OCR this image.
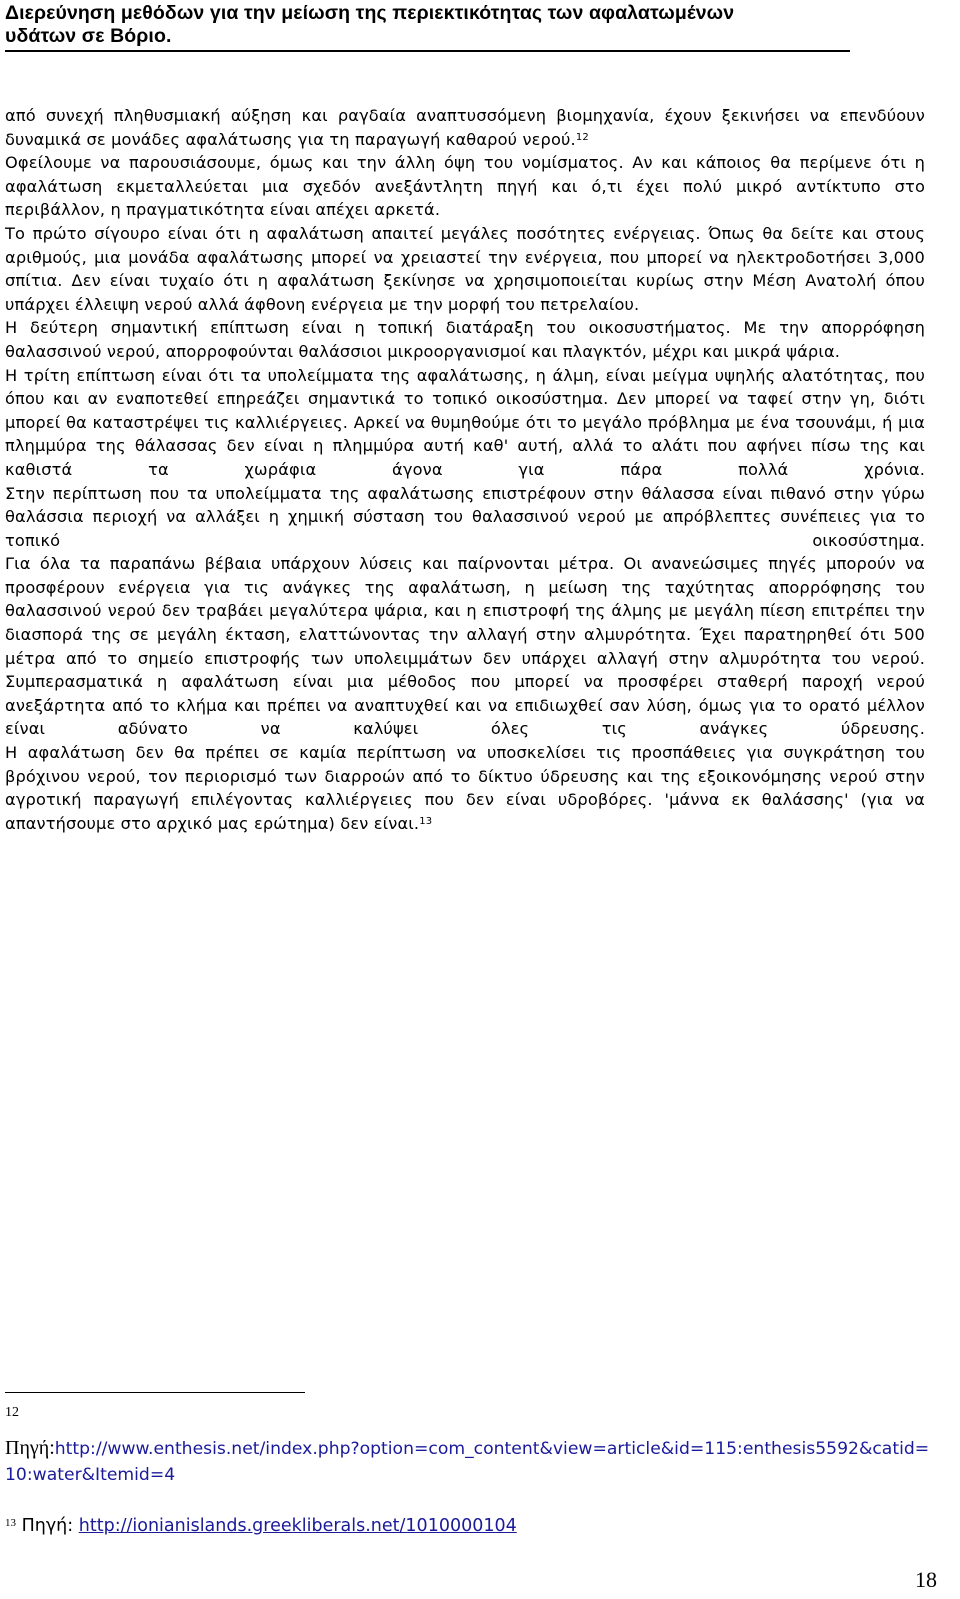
Διερεύνηση μεθόδων για την μείωση της περιεκτικότητας των αφαλατωμένων
υδάτων σε Βόριο.

από συνεχή πληθυσμιακή αύξηση και ραγδαία αναπτυσσόμενη βιομηχανία, έχουν ξεκινήσει να επενδύουν δυναμικά σε μονάδες αφαλάτωσης για τη παραγωγή καθαρού νερού.$^{12}$

Οφείλουμε να παρουσιάσουμε, όμως και την άλλη όψη του νομίσματος. Αν και κάποιος θα περίμενε ότι η αφαλάτωση εκμεταλλεύεται μια σχεδόν ανεξάντλητη πηγή και ό,τι έχει πολύ μικρό αντίκτυπο στο περιβάλλον, η πραγματικότητα είναι απέχει αρκετά.

Το πρώτο σίγουρο είναι ότι η αφαλάτωση απαιτεί μεγάλες ποσότητες ενέργειας. Όπως θα δείτε και στους αριθμούς, μια μονάδα αφαλάτωσης μπορεί να χρειαστεί την ενέργεια, που μπορεί να ηλεκτροδοτήσει 3,000 σπίτια. Δεν είναι τυχαίο ότι η αφαλάτωση ξεκίνησε να χρησιμοποιείται κυρίως στην Μέση Ανατολή όπου υπάρχει έλλειψη νερού αλλά άφθονη ενέργεια με την μορφή του πετρελαίου.

Η δεύτερη σημαντική επίπτωση είναι η τοπική διατάραξη του οικοσυστήματος. Με την απορρόφηση θαλασσινού νερού, απορροφούνται θαλάσσιοι μικροοργανισμοί και πλαγκτόν, μέχρι και μικρά ψάρια.

Η τρίτη επίπτωση είναι ότι τα υπολείμματα της αφαλάτωσης, η άλμη, είναι μείγμα υψηλής αλατότητας, που όπου και αν εναποτεθεί επηρεάζει σημαντικά το τοπικό οικοσύστημα. Δεν μπορεί να ταφεί στην γη, διότι μπορεί θα καταστρέψει τις καλλιέργειες. Αρκεί να θυμηθούμε ότι το μεγάλο πρόβλημα με ένα τσουνάμι, ή μια πλημμύρα της θάλασσας δεν είναι η πλημμύρα αυτή καθ' αυτή, αλλά το αλάτι που αφήνει πίσω της και καθιστά τα χωράφια άγονα για πάρα πολλά χρόνια.

Στην περίπτωση που τα υπολείμματα της αφαλάτωσης επιστρέφουν στην θάλασσα είναι πιθανό στην γύρω θαλάσσια περιοχή να αλλάξει η χημική σύσταση του θαλασσινού νερού με απρόβλεπτες συνέπειες για το τοπικό οικοσύστημα.

Για όλα τα παραπάνω βέβαια υπάρχουν λύσεις και παίρνονται μέτρα. Οι ανανεώσιμες πηγές μπορούν να προσφέρουν ενέργεια για τις ανάγκες της αφαλάτωση, η μείωση της ταχύτητας απορρόφησης του θαλασσινού νερού δεν τραβάει μεγαλύτερα ψάρια, και η επιστροφή της άλμης με μεγάλη πίεση επιτρέπει την διασπορά της σε μεγάλη έκταση, ελαττώνοντας την αλλαγή στην αλμυρότητα. Έχει παρατηρηθεί ότι 500 μέτρα από το σημείο επιστροφής των υπολειμμάτων δεν υπάρχει αλλαγή στην αλμυρότητα του νερού.

Συμπερασματικά η αφαλάτωση είναι μια μέθοδος που μπορεί να προσφέρει σταθερή παροχή νερού ανεξάρτητα από το κλήμα και πρέπει να αναπτυχθεί και να επιδιωχθεί σαν λύση, όμως για το ορατό μέλλον είναι αδύνατο να καλύψει όλες τις ανάγκες ύδρευσης.

Η αφαλάτωση δεν θα πρέπει σε καμία περίπτωση να υποσκελίσει τις προσπάθειες για συγκράτηση του βρόχινου νερού, τον περιορισμό των διαρροών από το δίκτυο ύδρευσης και της εξοικονόμησης νερού στην αγροτική παραγωγή επιλέγοντας καλλιέργειες που δεν είναι υδροβόρες. 'μάννα εκ θαλάσσης' (για να απαντήσουμε στο αρχικό μας ερώτημα) δεν είναι.$^{13}$

12
Πηγή:http://www.enthesis.net/index.php?option=com_content&view=article&id=115:enthesis5592&catid=10:water&Itemid=4
$^{13}$ Πηγή: http://ionianislands.greekliberals.net/1010000104
18
